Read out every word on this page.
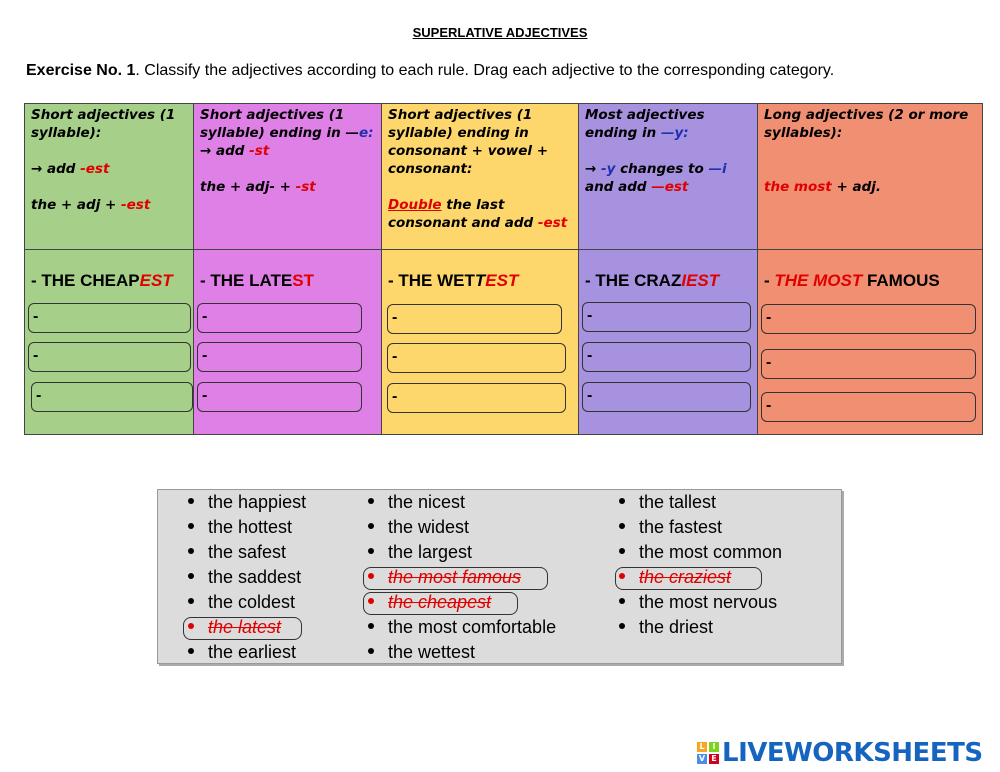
SUPERLATIVE ADJECTIVES
Exercise No. 1. Classify the adjectives according to each rule. Drag each adjective to the corresponding category.

Short adjectives (1 syllable):

→ add -est

the + adj + -est

- THE CHEAPEST
-
-
-

Short adjectives (1 syllable) ending in —e:

→ add -st

the + adj- + -st

- THE LATEST
-
-
-

Short adjectives (1 syllable) ending in consonant + vowel + consonant:

Double the last consonant and add -est

- THE WETTEST
-
-
-

Most adjectives ending in —y:

→ -y changes to —i and add —est

- THE CRAZIEST
-
-
-

Long adjectives (2 or more syllables):

the most + adj.

- THE MOST FAMOUS
-
-
-
the happiest
the hottest
the safest
the saddest
the coldest
the latest
the earliest
the nicest
the widest
the largest
the most famous
the cheapest
the most comfortable
the wettest
the tallest
the fastest
the most common
the craziest
the most nervous
the driest
L I
V E LIVEWORKSHEETS
